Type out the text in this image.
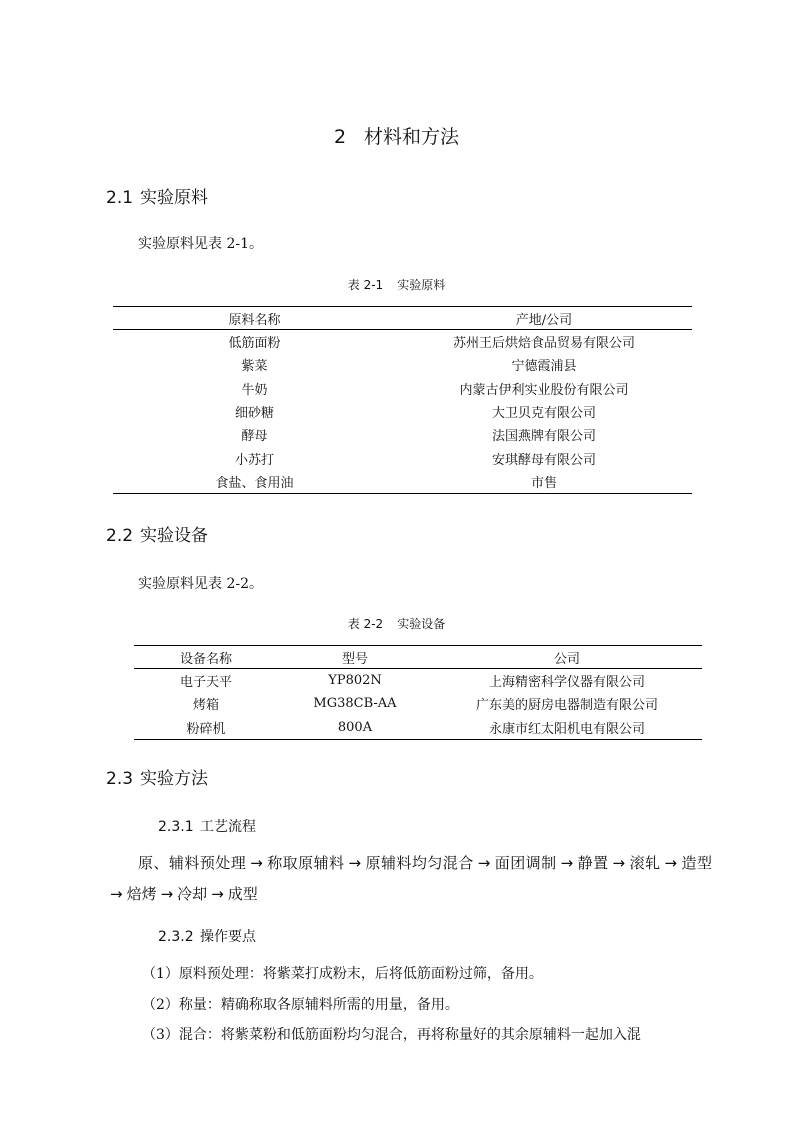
2 材料和方法
2.1 实验原料
实验原料见表 2-1。
表 2-1 实验原料
原料名称	产地/公司
低筋面粉	苏州王后烘焙食品贸易有限公司
紫菜	宁德霞浦县
牛奶	内蒙古伊利实业股份有限公司
细砂糖	大卫贝克有限公司
酵母	法国燕牌有限公司
小苏打	安琪酵母有限公司
食盐、食用油	市售
2.2 实验设备
实验原料见表 2-2。
表 2-2 实验设备
设备名称	型号	公司
电子天平	YP802N	上海精密科学仪器有限公司
烤箱	MG38CB-AA	广东美的厨房电器制造有限公司
粉碎机	800A	永康市红太阳机电有限公司
2.3 实验方法
2.3.1 工艺流程
原、辅料预处理 → 称取原辅料 → 原辅料均匀混合 → 面团调制 → 静置 → 滚轧 → 造型→ 焙烤 → 冷却 → 成型
2.3.2 操作要点
（1）原料预处理：将紫菜打成粉末，后将低筋面粉过筛，备用。
（2）称量：精确称取各原辅料所需的用量，备用。
（3）混合：将紫菜粉和低筋面粉均匀混合，再将称量好的其余原辅料一起加入混
